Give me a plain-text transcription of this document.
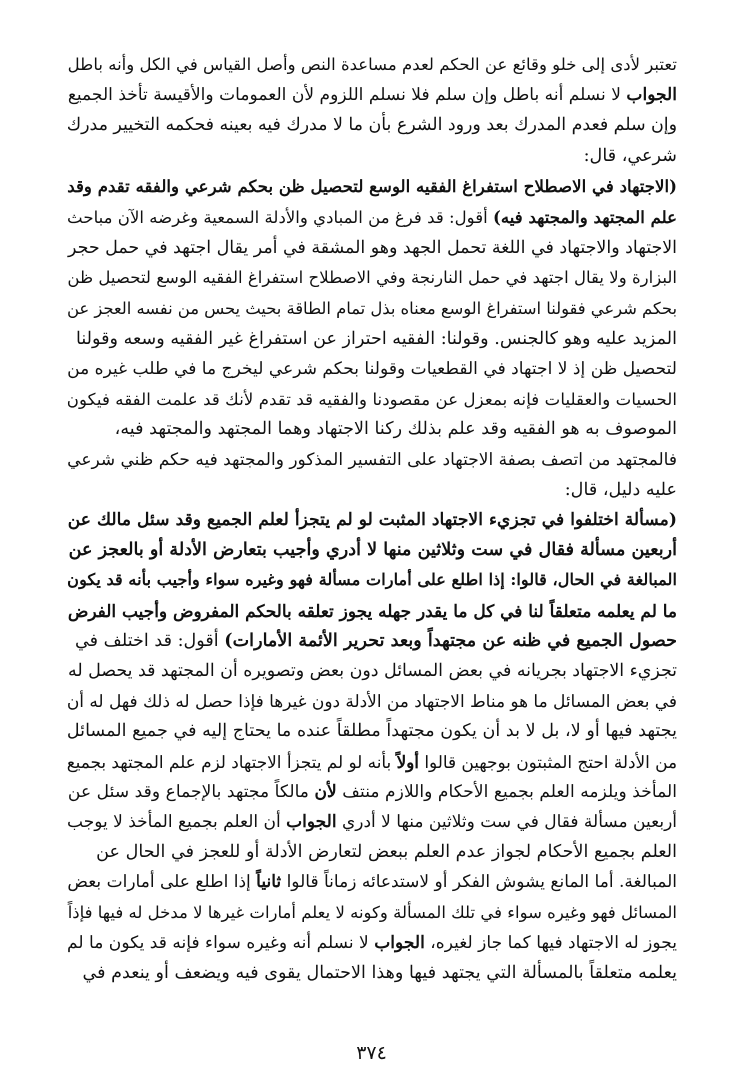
تعتبر لأدى إلى خلو وقائع عن الحكم لعدم مساعدة النص وأصل القياس في الكل وأنه باطل
الجواب لا نسلم أنه باطل وإن سلم فلا نسلم اللزوم لأن العمومات والأقيسة تأخذ الجميع
وإن سلم فعدم المدرك بعد ورود الشرع بأن ما لا مدرك فيه بعينه فحكمه التخيير مدرك
شرعي، قال:
(الاجتهاد في الاصطلاح استفراغ الفقيه الوسع لتحصيل ظن بحكم شرعي والفقه تقدم وقد
علم المجتهد والمجتهد فيه) أقول: قد فرغ من المبادي والأدلة السمعية وغرضه الآن مباحث
الاجتهاد والاجتهاد في اللغة تحمل الجهد وهو المشقة في أمر يقال اجتهد في حمل حجر
البزارة ولا يقال اجتهد في حمل النارنجة وفي الاصطلاح استفراغ الفقيه الوسع لتحصيل ظن
بحكم شرعي فقولنا استفراغ الوسع معناه بذل تمام الطاقة بحيث يحس من نفسه العجز عن
المزيد عليه وهو كالجنس. وقولنا: الفقيه احتراز عن استفراغ غير الفقيه وسعه وقولنا
لتحصيل ظن إذ لا اجتهاد في القطعيات وقولنا بحكم شرعي ليخرج ما في طلب غيره من
الحسيات والعقليات فإنه بمعزل عن مقصودنا والفقيه قد تقدم لأنك قد علمت الفقه فيكون
الموصوف به هو الفقيه وقد علم بذلك ركنا الاجتهاد وهما المجتهد والمجتهد فيه،
فالمجتهد من اتصف بصفة الاجتهاد على التفسير المذكور والمجتهد فيه حكم ظني شرعي
عليه دليل، قال:
(مسألة اختلفوا في تجزيء الاجتهاد المثبت لو لم يتجزأ لعلم الجميع وقد سئل مالك عن
أربعين مسألة فقال في ست وثلاثين منها لا أدري وأجيب بتعارض الأدلة أو بالعجز عن
المبالغة في الحال، قالوا: إذا اطلع على أمارات مسألة فهو وغيره سواء وأجيب بأنه قد يكون
ما لم يعلمه متعلقاً لنا في كل ما يقدر جهله يجوز تعلقه بالحكم المفروض وأجيب الفرض
حصول الجميع في ظنه عن مجتهداً وبعد تحرير الأئمة الأمارات) أقول: قد اختلف في
تجزيء الاجتهاد بجريانه في بعض المسائل دون بعض وتصويره أن المجتهد قد يحصل له
في بعض المسائل ما هو مناط الاجتهاد من الأدلة دون غيرها فإذا حصل له ذلك فهل له أن
يجتهد فيها أو لا، بل لا بد أن يكون مجتهداً مطلقاً عنده ما يحتاج إليه في جميع المسائل
من الأدلة احتج المثبتون بوجهين قالوا أولاً بأنه لو لم يتجزأ الاجتهاد لزم علم المجتهد بجميع
المأخذ ويلزمه العلم بجميع الأحكام واللازم منتف لأن مالكاً مجتهد بالإجماع وقد سئل عن
أربعين مسألة فقال في ست وثلاثين منها لا أدري الجواب أن العلم بجميع المأخذ لا يوجب
العلم بجميع الأحكام لجواز عدم العلم ببعض لتعارض الأدلة أو للعجز في الحال عن
المبالغة. أما المانع يشوش الفكر أو لاستدعائه زماناً قالوا ثانياً إذا اطلع على أمارات بعض
المسائل فهو وغيره سواء في تلك المسألة وكونه لا يعلم أمارات غيرها لا مدخل له فيها فإذاً
يجوز له الاجتهاد فيها كما جاز لغيره، الجواب لا نسلم أنه وغيره سواء فإنه قد يكون ما لم
يعلمه متعلقاً بالمسألة التي يجتهد فيها وهذا الاحتمال يقوى فيه ويضعف أو ينعدم في
٣٧٤
